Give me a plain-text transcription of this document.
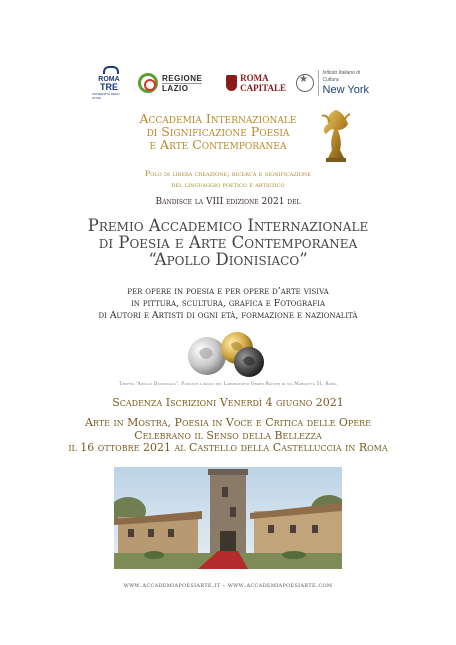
ROMA
TRE
UNIVERSITÀ DEGLI STUDI
REGIONE
LAZIO
ROMA
CAPITALE
★
Istituto Italiano di Cultura
New York
Accademia Internazionale
di Significazione Poesia
e Arte Contemporanea
Polo di libera creazione, ricerca e significazione
del linguaggio poetico e artistico
Bandisce la VIII edizione 2021 del
Premio Accademico Internazionale
di Poesia e Arte Contemporanea
“Apollo Dionisiaco”
per opere in poesia e per opere d’arte visiva
in pittura, scultura, grafica e Fotografia
di Autori e Artisti di ogni età, formazione e nazionalità
Trofeo “Apollo Dionisiaco”. Fusione a mano del Laboratorio Orafo Rocchi di via Margutta 51, Roma
Scadenza Iscrizioni Venerdì 4 giugno 2021
Arte in Mostra, Poesia in Voce e Critica delle Opere
Celebrano il Senso della Bellezza
il 16 ottobre 2021 al Castello della Castelluccia in Roma
www.accademiapoesiarte.it - www.accademiapoesiarte.com
